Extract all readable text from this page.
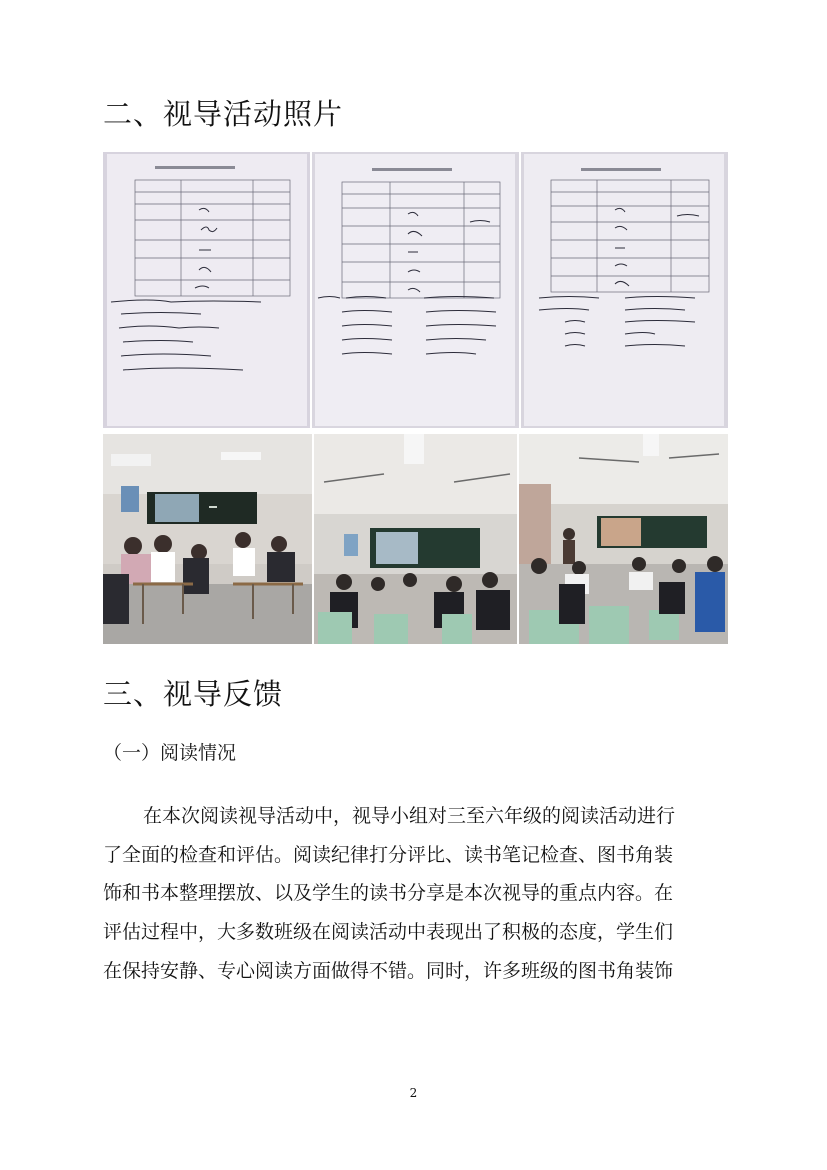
二、视导活动照片
三、视导反馈
（一）阅读情况
在本次阅读视导活动中，视导小组对三至六年级的阅读活动进行
了全面的检查和评估。阅读纪律打分评比、读书笔记检查、图书角装
饰和书本整理摆放、以及学生的读书分享是本次视导的重点内容。在
评估过程中，大多数班级在阅读活动中表现出了积极的态度，学生们
在保持安静、专心阅读方面做得不错。同时，许多班级的图书角装饰
2
